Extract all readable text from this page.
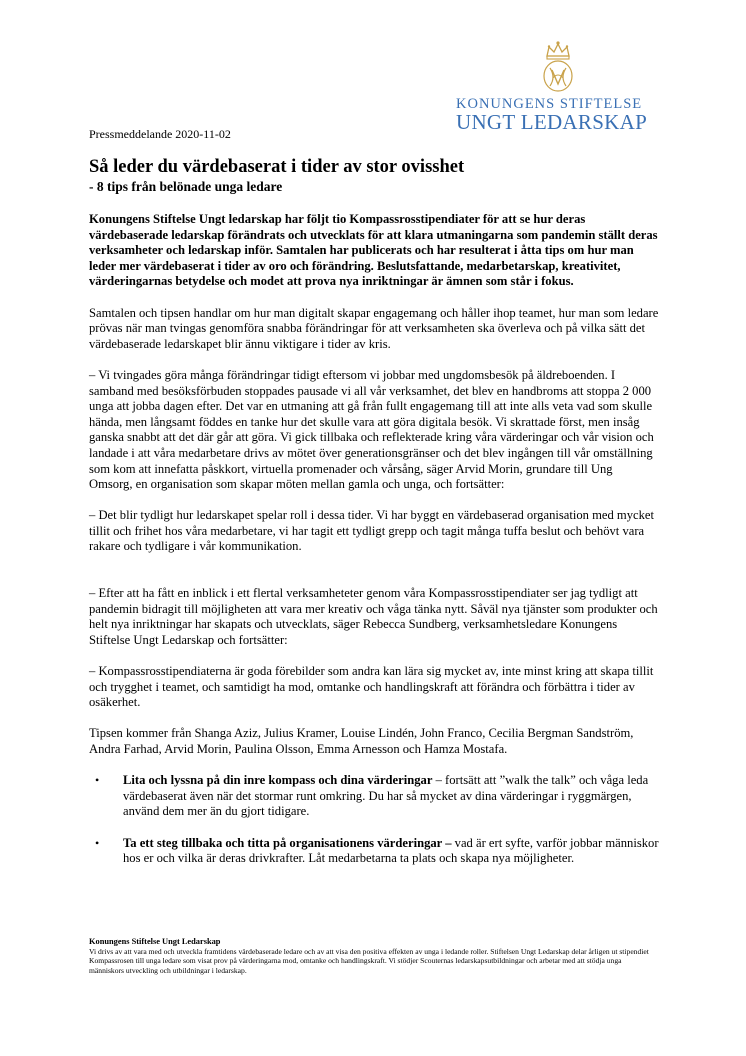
KONUNGENS STIFTELSE
UNGT LEDARSKAP
Pressmeddelande 2020-11-02
Så leder du värdebaserat i tider av stor ovisshet
- 8 tips från belönade unga ledare

Konungens Stiftelse Ungt ledarskap har följt tio Kompassrosstipendiater för att se hur deras värdebaserade ledarskap förändrats och utvecklats för att klara utmaningarna som pandemin ställt deras verksamheter och ledarskap inför. Samtalen har publicerats och har resulterat i åtta tips om hur man leder mer värdebaserat i tider av oro och förändring. Beslutsfattande, medarbetarskap, kreativitet, värderingarnas betydelse och modet att prova nya inriktningar är ämnen som står i fokus.

Samtalen och tipsen handlar om hur man digitalt skapar engagemang och håller ihop teamet, hur man som ledare prövas när man tvingas genomföra snabba förändringar för att verksamheten ska överleva och på vilka sätt det värdebaserade ledarskapet blir ännu viktigare i tider av kris.

– Vi tvingades göra många förändringar tidigt eftersom vi jobbar med ungdomsbesök på äldreboenden. I samband med besöksförbuden stoppades pausade vi all vår verksamhet, det blev en handbroms att stoppa 2 000 unga att jobba dagen efter. Det var en utmaning att gå från fullt engagemang till att inte alls veta vad som skulle hända, men långsamt föddes en tanke hur det skulle vara att göra digitala besök. Vi skrattade först, men insåg ganska snabbt att det där går att göra. Vi gick tillbaka och reflekterade kring våra värderingar och vår vision och landade i att våra medarbetare drivs av mötet över generationsgränser och det blev ingången till vår omställning som kom att innefatta påskkort, virtuella promenader och vårsång, säger Arvid Morin, grundare till Ung Omsorg, en organisation som skapar möten mellan gamla och unga, och fortsätter:

– Det blir tydligt hur ledarskapet spelar roll i dessa tider. Vi har byggt en värdebaserad organisation med mycket tillit och frihet hos våra medarbetare, vi har tagit ett tydligt grepp och tagit många tuffa beslut och behövt vara rakare och tydligare i vår kommunikation.

– Efter att ha fått en inblick i ett flertal verksamheteter genom våra Kompassrosstipendiater ser jag tydligt att pandemin bidragit till möjligheten att vara mer kreativ och våga tänka nytt. Såväl nya tjänster som produkter och helt nya inriktningar har skapats och utvecklats, säger Rebecca Sundberg, verksamhetsledare Konungens Stiftelse Ungt Ledarskap och fortsätter:

– Kompassrosstipendiaterna är goda förebilder som andra kan lära sig mycket av, inte minst kring att skapa tillit och trygghet i teamet, och samtidigt ha mod, omtanke och handlingskraft att förändra och förbättra i tider av osäkerhet.

Tipsen kommer från Shanga Aziz, Julius Kramer, Louise Lindén, John Franco, Cecilia Bergman Sandström, Andra Farhad, Arvid Morin, Paulina Olsson, Emma Arnesson och Hamza Mostafa.

• Lita och lyssna på din inre kompass och dina värderingar – fortsätt att ”walk the talk” och våga leda värdebaserat även när det stormar runt omkring. Du har så mycket av dina värderingar i ryggmärgen, använd dem mer än du gjort tidigare.
• Ta ett steg tillbaka och titta på organisationens värderingar – vad är ert syfte, varför jobbar människor hos er och vilka är deras drivkrafter. Låt medarbetarna ta plats och skapa nya möjligheter.
Konungens Stiftelse Ungt Ledarskap
Vi drivs av att vara med och utveckla framtidens värdebaserade ledare och av att visa den positiva effekten av unga i ledande roller. Stiftelsen Ungt Ledarskap delar årligen ut stipendiet Kompassrosen till unga ledare som visat prov på värderingarna mod, omtanke och handlingskraft. Vi stödjer Scouternas ledarskapsutbildningar och arbetar med att stödja unga människors utveckling och utbildningar i ledarskap.
